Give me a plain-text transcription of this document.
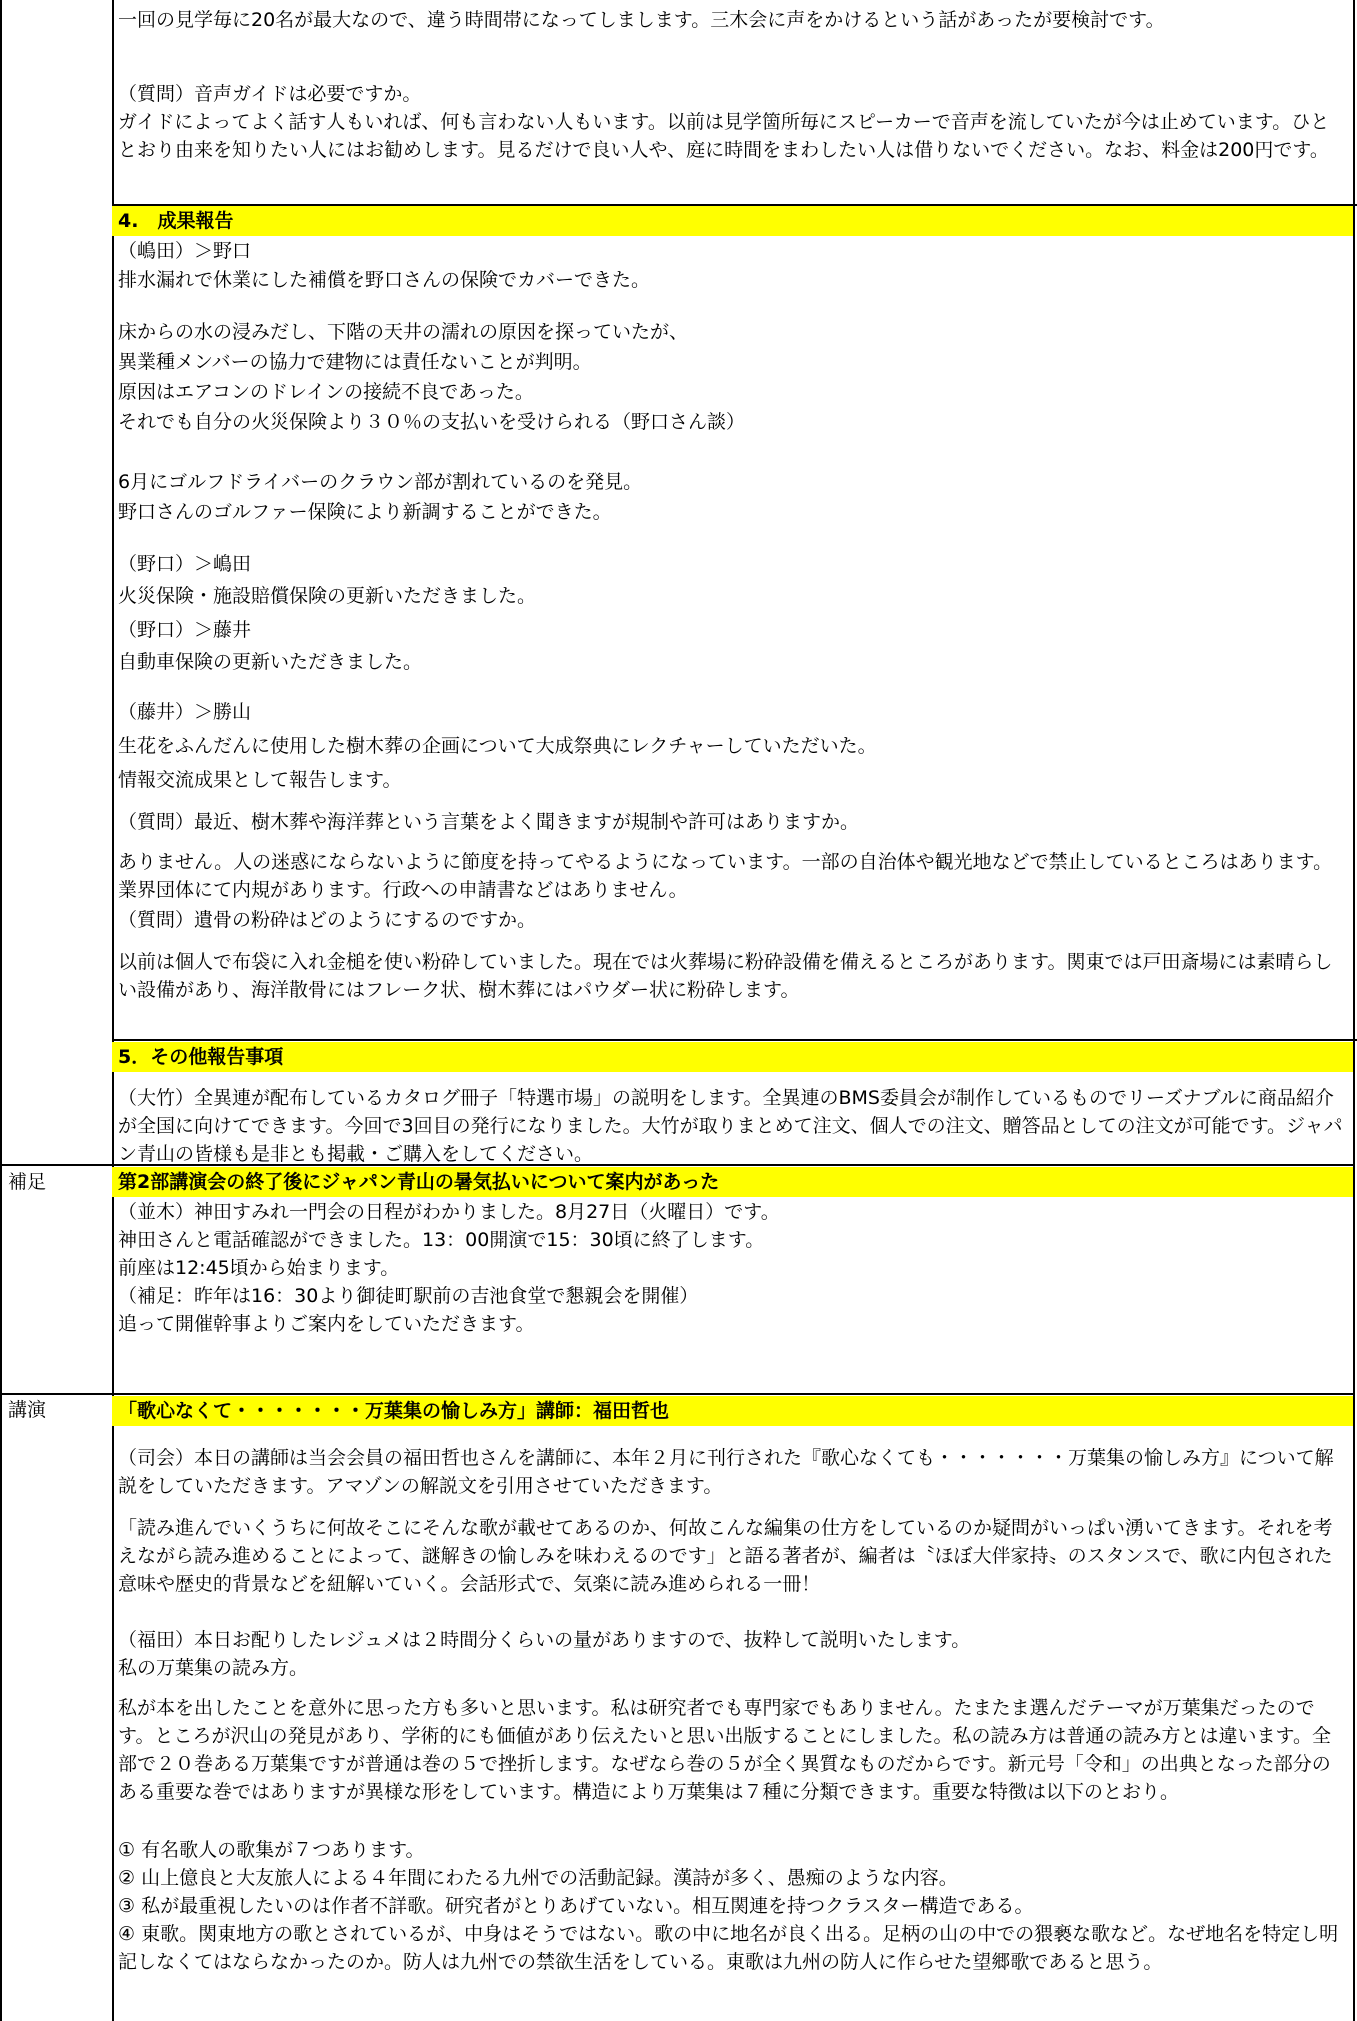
一回の見学毎に20名が最大なので、違う時間帯になってしまします。三木会に声をかけるという話があったが要検討です。

（質問）音声ガイドは必要ですか。

ガイドによってよく話す人もいれば、何も言わない人もいます。以前は見学箇所毎にスピーカーで音声を流していたが今は止めています。ひととおり由来を知りたい人にはお勧めします。見るだけで良い人や、庭に時間をまわしたい人は借りないでください。なお、料金は200円です。

4.　成果報告

（嶋田）＞野口

排水漏れで休業にした補償を野口さんの保険でカバーできた。

床からの水の浸みだし、下階の天井の濡れの原因を探っていたが、

異業種メンバーの協力で建物には責任ないことが判明。

原因はエアコンのドレインの接続不良であった。

それでも自分の火災保険より３０％の支払いを受けられる（野口さん談）

6月にゴルフドライバーのクラウン部が割れているのを発見。

野口さんのゴルファー保険により新調することができた。

（野口）＞嶋田

火災保険・施設賠償保険の更新いただきました。

（野口）＞藤井

自動車保険の更新いただきました。

（藤井）＞勝山

生花をふんだんに使用した樹木葬の企画について大成祭典にレクチャーしていただいた。

情報交流成果として報告します。

（質問）最近、樹木葬や海洋葬という言葉をよく聞きますが規制や許可はありますか。

ありません。人の迷惑にならないように節度を持ってやるようになっています。一部の自治体や観光地などで禁止しているところはあります。業界団体にて内規があります。行政への申請書などはありません。

（質問）遺骨の粉砕はどのようにするのですか。

以前は個人で布袋に入れ金槌を使い粉砕していました。現在では火葬場に粉砕設備を備えるところがあります。関東では戸田斎場には素晴らしい設備があり、海洋散骨にはフレーク状、樹木葬にはパウダー状に粉砕します。

5．その他報告事項

（大竹）全異連が配布しているカタログ冊子「特選市場」の説明をします。全異連のBMS委員会が制作しているものでリーズナブルに商品紹介が全国に向けてできます。今回で3回目の発行になりました。大竹が取りまとめて注文、個人での注文、贈答品としての注文が可能です。ジャパン青山の皆様も是非とも掲載・ご購入をしてください。

補足	第2部講演会の終了後にジャパン青山の暑気払いについて案内があった

（並木）神田すみれ一門会の日程がわかりました。8月27日（火曜日）です。

神田さんと電話確認ができました。13：00開演で15：30頃に終了します。

前座は12:45頃から始まります。

（補足：昨年は16：30より御徒町駅前の吉池食堂で懇親会を開催）

追って開催幹事よりご案内をしていただきます。

講演	「歌心なくて・・・・・・・万葉集の愉しみ方」講師：福田哲也

（司会）本日の講師は当会会員の福田哲也さんを講師に、本年２月に刊行された『歌心なくても・・・・・・・万葉集の愉しみ方』について解説をしていただきます。アマゾンの解説文を引用させていただきます。

「読み進んでいくうちに何故そこにそんな歌が載せてあるのか、何故こんな編集の仕方をしているのか疑問がいっぱい湧いてきます。それを考えながら読み進めることによって、謎解きの愉しみを味わえるのです」と語る著者が、編者は〝ほぼ大伴家持〟のスタンスで、歌に内包された意味や歴史的背景などを紐解いていく。会話形式で、気楽に読み進められる一冊！

（福田）本日お配りしたレジュメは２時間分くらいの量がありますので、抜粋して説明いたします。

私の万葉集の読み方。

私が本を出したことを意外に思った方も多いと思います。私は研究者でも専門家でもありません。たまたま選んだテーマが万葉集だったのです。ところが沢山の発見があり、学術的にも価値があり伝えたいと思い出版することにしました。私の読み方は普通の読み方とは違います。全部で２０巻ある万葉集ですが普通は巻の５で挫折します。なぜなら巻の５が全く異質なものだからです。新元号「令和」の出典となった部分のある重要な巻ではありますが異様な形をしています。構造により万葉集は７種に分類できます。重要な特徴は以下のとおり。

① 有名歌人の歌集が７つあります。

② 山上億良と大友旅人による４年間にわたる九州での活動記録。漢詩が多く、愚痴のような内容。

③ 私が最重視したいのは作者不詳歌。研究者がとりあげていない。相互関連を持つクラスター構造である。

④ 東歌。関東地方の歌とされているが、中身はそうではない。歌の中に地名が良く出る。足柄の山の中での猥褻な歌など。なぜ地名を特定し明記しなくてはならなかったのか。防人は九州での禁欲生活をしている。東歌は九州の防人に作らせた望郷歌であると思う。
